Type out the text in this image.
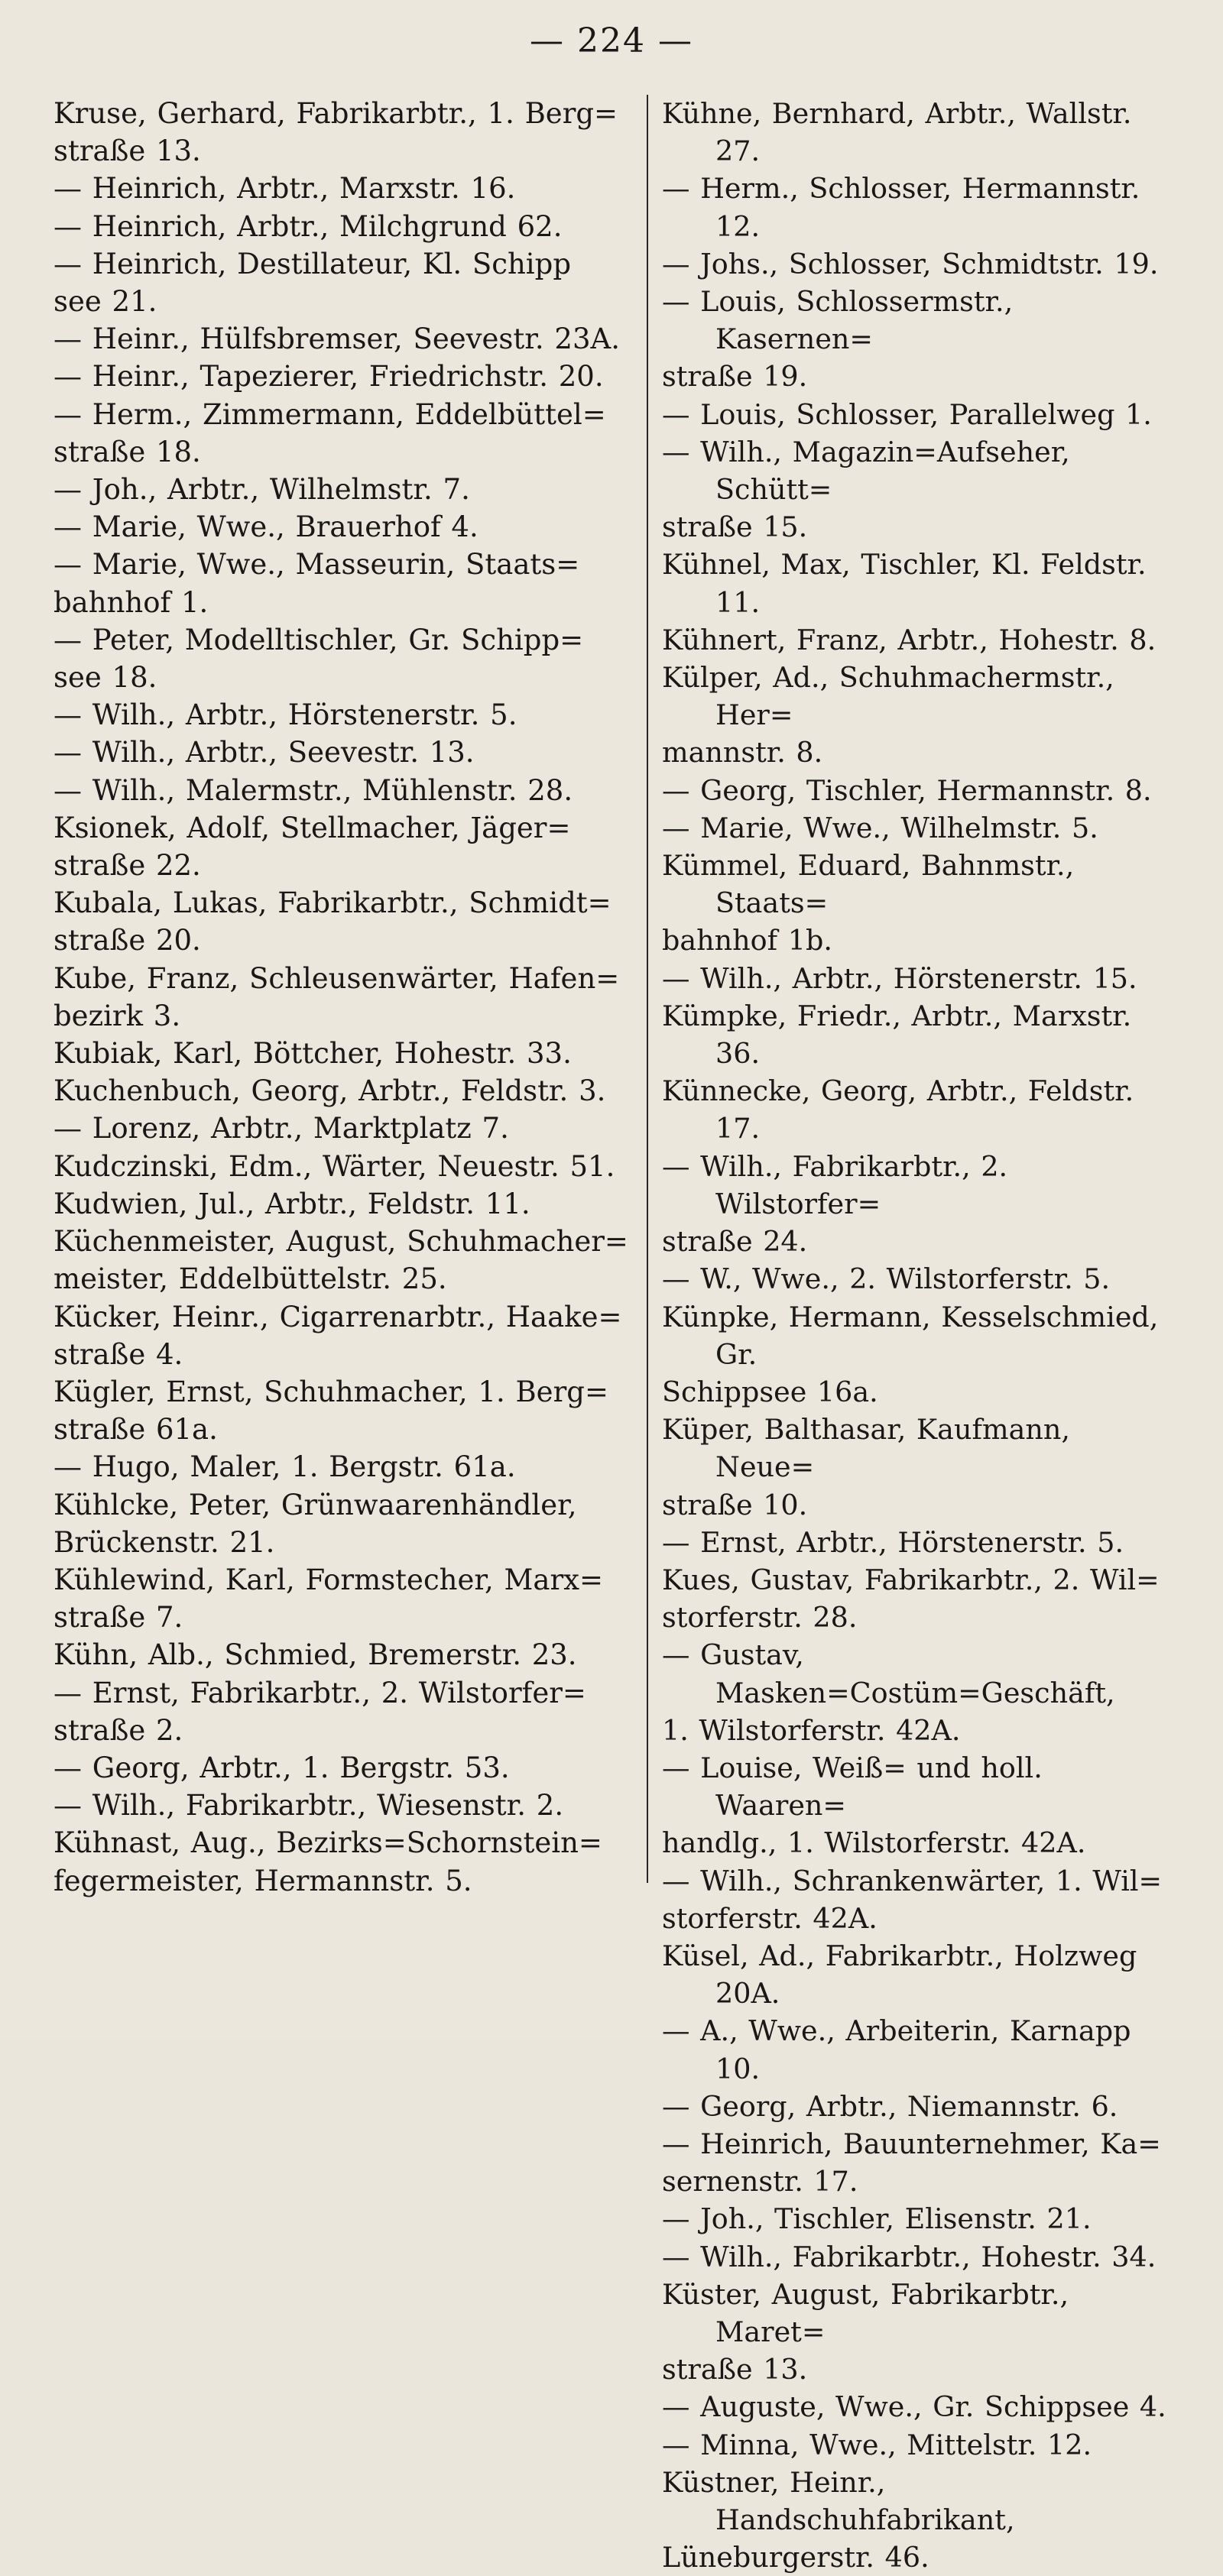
— 224 —
Kruse, Gerhard, Fabrikarbtr., 1. Berg=
straße 13.
— Heinrich, Arbtr., Marxstr. 16.
— Heinrich, Arbtr., Milchgrund 62.
— Heinrich, Destillateur, Kl. Schipp
see 21.
— Heinr., Hülfsbremser, Seevestr. 23A.
— Heinr., Tapezierer, Friedrichstr. 20.
— Herm., Zimmermann, Eddelbüttel=
straße 18.
— Joh., Arbtr., Wilhelmstr. 7.
— Marie, Wwe., Brauerhof 4.
— Marie, Wwe., Masseurin, Staats=
bahnhof 1.
— Peter, Modelltischler, Gr. Schipp=
see 18.
— Wilh., Arbtr., Hörstenerstr. 5.
— Wilh., Arbtr., Seevestr. 13.
— Wilh., Malermstr., Mühlenstr. 28.
Ksionek, Adolf, Stellmacher, Jäger=
straße 22.
Kubala, Lukas, Fabrikarbtr., Schmidt=
straße 20.
Kube, Franz, Schleusenwärter, Hafen=
bezirk 3.
Kubiak, Karl, Böttcher, Hohestr. 33.
Kuchenbuch, Georg, Arbtr., Feldstr. 3.
— Lorenz, Arbtr., Marktplatz 7.
Kudczinski, Edm., Wärter, Neuestr. 51.
Kudwien, Jul., Arbtr., Feldstr. 11.
Küchenmeister, August, Schuhmacher=
meister, Eddelbüttelstr. 25.
Kücker, Heinr., Cigarrenarbtr., Haake=
straße 4.
Kügler, Ernst, Schuhmacher, 1. Berg=
straße 61a.
— Hugo, Maler, 1. Bergstr. 61a.
Kühlcke, Peter, Grünwaarenhändler,
Brückenstr. 21.
Kühlewind, Karl, Formstecher, Marx=
straße 7.
Kühn, Alb., Schmied, Bremerstr. 23.
— Ernst, Fabrikarbtr., 2. Wilstorfer=
straße 2.
— Georg, Arbtr., 1. Bergstr. 53.
— Wilh., Fabrikarbtr., Wiesenstr. 2.
Kühnast, Aug., Bezirks=Schornstein=
fegermeister, Hermannstr. 5.
Kühne, Bernhard, Arbtr., Wallstr. 27.
— Herm., Schlosser, Hermannstr. 12.
— Johs., Schlosser, Schmidtstr. 19.
— Louis, Schlossermstr., Kasernen=
straße 19.
— Louis, Schlosser, Parallelweg 1.
— Wilh., Magazin=Aufseher, Schütt=
straße 15.
Kühnel, Max, Tischler, Kl. Feldstr. 11.
Kühnert, Franz, Arbtr., Hohestr. 8.
Külper, Ad., Schuhmachermstr., Her=
mannstr. 8.
— Georg, Tischler, Hermannstr. 8.
— Marie, Wwe., Wilhelmstr. 5.
Kümmel, Eduard, Bahnmstr., Staats=
bahnhof 1b.
— Wilh., Arbtr., Hörstenerstr. 15.
Kümpke, Friedr., Arbtr., Marxstr. 36.
Künnecke, Georg, Arbtr., Feldstr. 17.
— Wilh., Fabrikarbtr., 2. Wilstorfer=
straße 24.
— W., Wwe., 2. Wilstorferstr. 5.
Künpke, Hermann, Kesselschmied, Gr.
Schippsee 16a.
Küper, Balthasar, Kaufmann, Neue=
straße 10.
— Ernst, Arbtr., Hörstenerstr. 5.
Kues, Gustav, Fabrikarbtr., 2. Wil=
storferstr. 28.
— Gustav, Masken=Costüm=Geschäft,
1. Wilstorferstr. 42A.
— Louise, Weiß= und holl. Waaren=
handlg., 1. Wilstorferstr. 42A.
— Wilh., Schrankenwärter, 1. Wil=
storferstr. 42A.
Küsel, Ad., Fabrikarbtr., Holzweg 20A.
— A., Wwe., Arbeiterin, Karnapp 10.
— Georg, Arbtr., Niemannstr. 6.
— Heinrich, Bauunternehmer, Ka=
sernenstr. 17.
— Joh., Tischler, Elisenstr. 21.
— Wilh., Fabrikarbtr., Hohestr. 34.
Küster, August, Fabrikarbtr., Maret=
straße 13.
— Auguste, Wwe., Gr. Schippsee 4.
— Minna, Wwe., Mittelstr. 12.
Küstner, Heinr., Handschuhfabrikant,
Lüneburgerstr. 46.
